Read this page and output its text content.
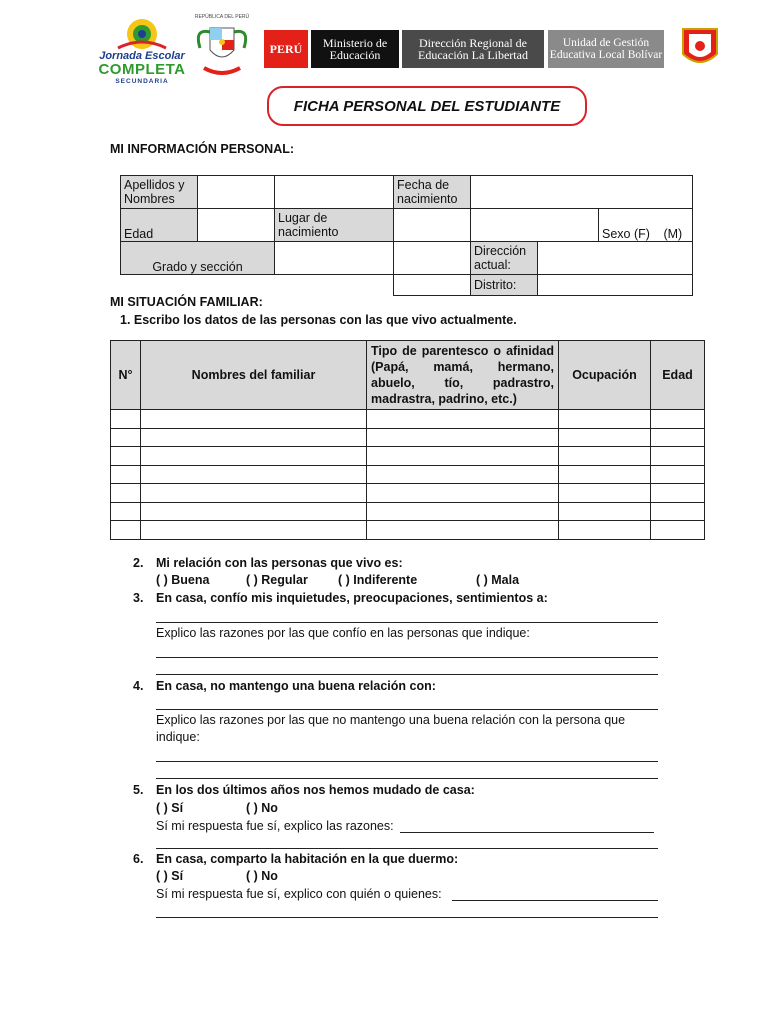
Jornada Escolar
COMPLETA
SECUNDARIA
REPÚBLICA DEL PERÚ
PERÚ	Ministerio de Educación
Dirección Regional de Educación La Libertad
Unidad de Gestión Educativa Local Bolívar
FICHA PERSONAL DEL ESTUDIANTE
MI INFORMACIÓN PERSONAL:
Apellidos y Nombres			Fecha de nacimiento			
Edad		Lugar de nacimiento				Sexo (F) (M)
Grado y sección				Dirección actual:		
				Distrito:		
MI SITUACIÓN FAMILIAR:
1. Escribo los datos de las personas con las que vivo actualmente.
N°	Nombres del familiar	Tipo de parentesco o afinidad (Papá, mamá, hermano, abuelo, tío, padrastro, madrastra, padrino, etc.)	Ocupación	Edad

2. Mi relación con las personas que vivo es:
( ) Buena	( ) Regular ( ) Indiferente	( ) Mala
3. En casa, confío mis inquietudes, preocupaciones, sentimientos a:
Explico las razones por las que confío en las personas que indique:
4. En casa, no mantengo una buena relación con:
Explico las razones por las que no mantengo una buena relación con la persona que
indique:
5. En los dos últimos años nos hemos mudado de casa:
( ) Sí	( ) No
Sí mi respuesta fue sí, explico las razones:
6. En casa, comparto la habitación en la que duermo:
( ) Sí	( ) No
Sí mi respuesta fue sí, explico con quién o quienes:
